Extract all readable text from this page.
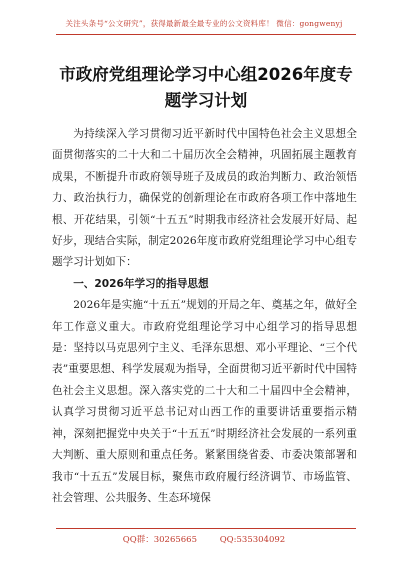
关注头条号“公文研究”，获得最新最全最专业的公文资料库！ 微信：gongwenyj
市政府党组理论学习中心组2026年度专
题学习计划

为持续深入学习贯彻习近平新时代中国特色社会主义思想全面贯彻落实的二十大和二十届历次全会精神，巩固拓展主题教育成果，不断提升市政府领导班子及成员的政治判断力、政治领悟力、政治执行力，确保党的创新理论在市政府各项工作中落地生根、开花结果，引领“十五五”时期我市经济社会发展开好局、起好步，现结合实际，制定2026年度市政府党组理论学习中心组专题学习计划如下：

一、2026年学习的指导思想

2026年是实施“十五五”规划的开局之年、奠基之年，做好全年工作意义重大。市政府党组理论学习中心组学习的指导思想是：坚持以马克思列宁主义、毛泽东思想、邓小平理论、“三个代表”重要思想、科学发展观为指导，全面贯彻习近平新时代中国特色社会主义思想。深入落实党的二十大和二十届四中全会精神，认真学习贯彻习近平总书记对山西工作的重要讲话重要指示精神，深刻把握党中央关于“十五五”时期经济社会发展的一系列重大判断、重大原则和重点任务。紧紧围绕省委、市委决策部署和我市“十五五”发展目标，聚焦市政府履行经济调节、市场监管、社会管理、公共服务、生态环境保

QQ群：30265665	QQ:535304092
